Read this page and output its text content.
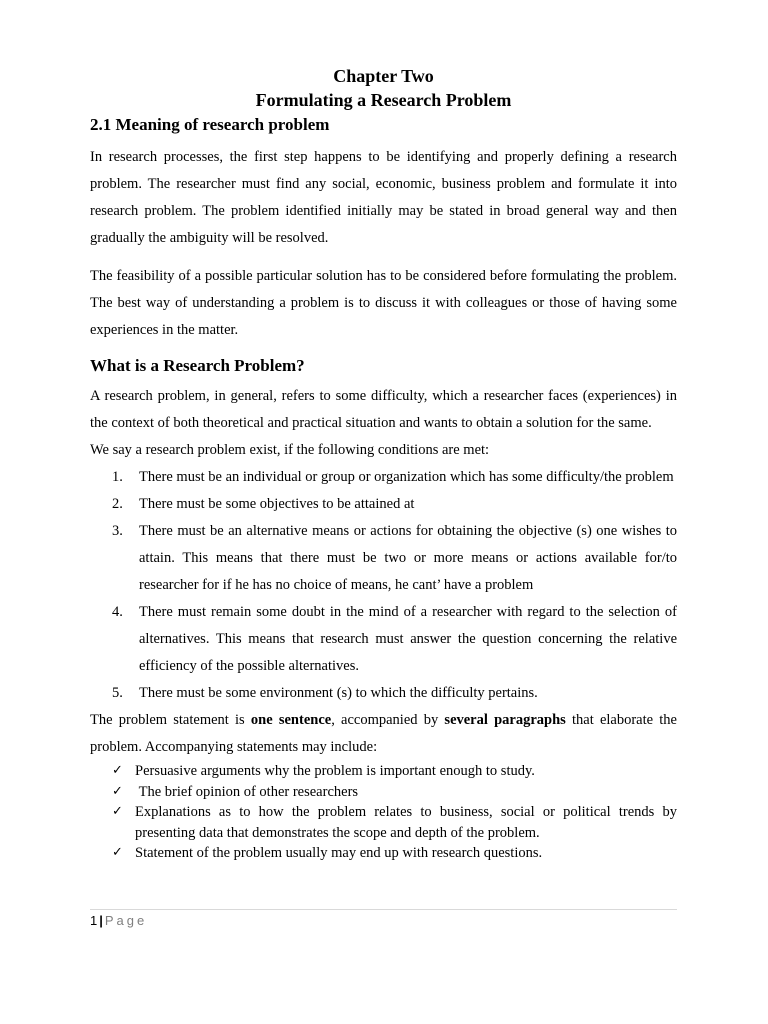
Chapter Two
Formulating a Research Problem
2.1 Meaning of research problem

In research processes, the first step happens to be identifying and properly defining a research problem. The researcher must find any social, economic, business problem and formulate it into research problem. The problem identified initially may be stated in broad general way and then gradually the ambiguity will be resolved.

The feasibility of a possible particular solution has to be considered before formulating the problem. The best way of understanding a problem is to discuss it with colleagues or those of having some experiences in the matter.

What is a Research Problem?

A research problem, in general, refers to some difficulty, which a researcher faces (experiences) in the context of both theoretical and practical situation and wants to obtain a solution for the same.

We say a research problem exist, if the following conditions are met:

1. There must be an individual or group or organization which has some difficulty/the problem
2. There must be some objectives to be attained at
3. There must be an alternative means or actions for obtaining the objective (s) one wishes to attain. This means that there must be two or more means or actions available for/to researcher for if he has no choice of means, he cant’ have a problem
4. There must remain some doubt in the mind of a researcher with regard to the selection of alternatives. This means that research must answer the question concerning the relative efficiency of the possible alternatives.
5. There must be some environment (s) to which the difficulty pertains.

The problem statement is one sentence, accompanied by several paragraphs that elaborate the problem. Accompanying statements may include:

✓ Persuasive arguments why the problem is important enough to study.
✓ The brief opinion of other researchers
✓ Explanations as to how the problem relates to business, social or political trends by presenting data that demonstrates the scope and depth of the problem.
✓ Statement of the problem usually may end up with research questions.
1 | Page
